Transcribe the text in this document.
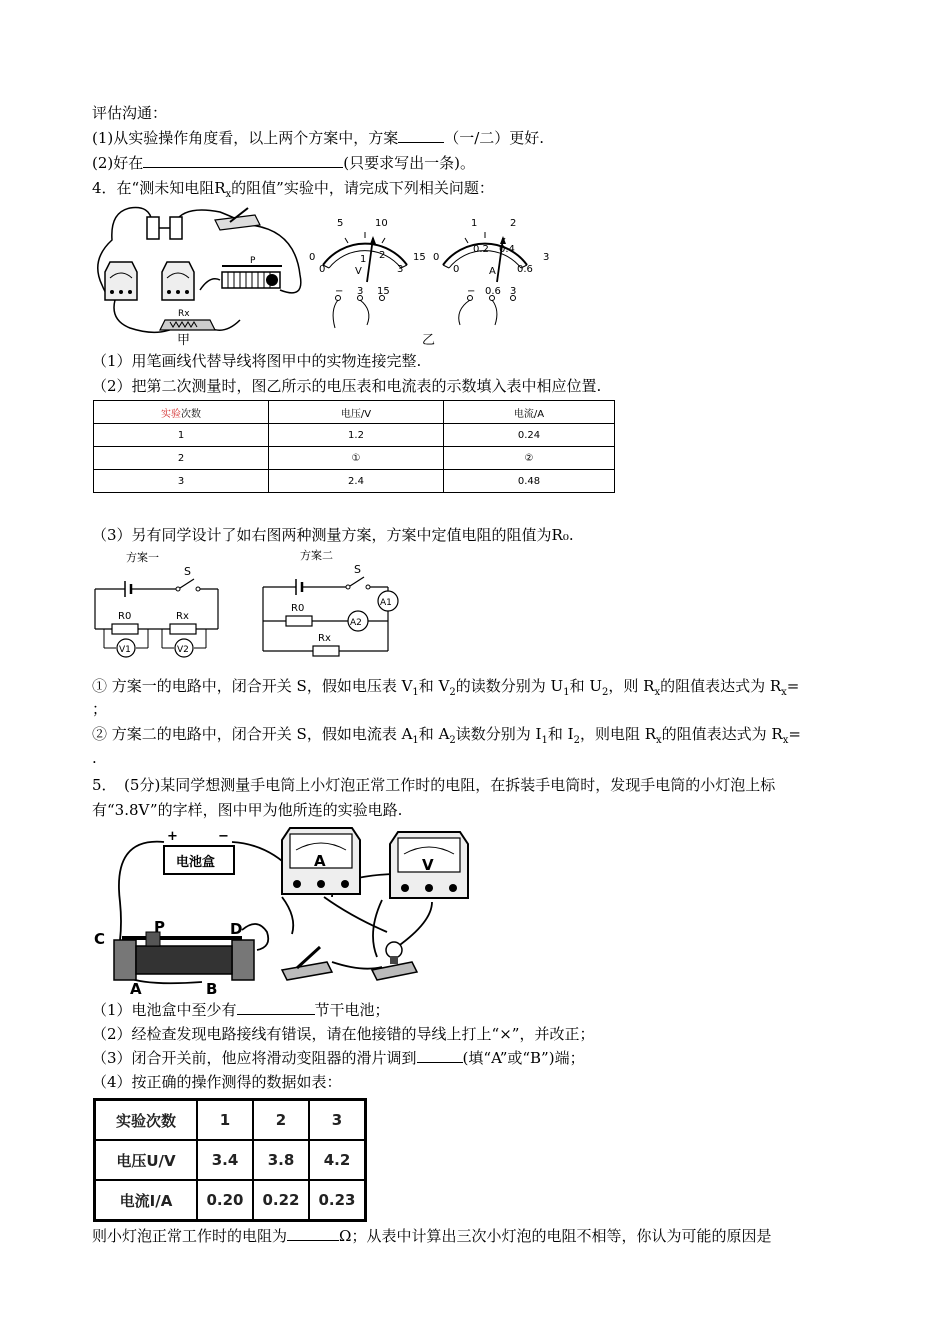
评估沟通：
(1)从实验操作角度看，以上两个方案中，方案	（一/二）更好.
(2)好在	(只要求写出一条)。
4．在“测未知电阻$R_x$的阻值”实验中，请完成下列相关问题：
P
Rx
甲
5	10
0	15
0
1 2
3
V
− 3 15
1	2
0	3
0
0.2 0.4
0.6
A
− 0.6 3
乙
（1）用笔画线代替导线将图甲中的实物连接完整.
（2）把第二次测量时，图乙所示的电压表和电流表的示数填入表中相应位置.
实验次数	电压/V	电流/A
1	1.2	0.24
2	①	②
3	2.4	0.48
（3）另有同学设计了如右图两种测量方案，方案中定值电阻的阻值为R₀.
方案一
S
R0	Rx
V1	V2
方案二
S
A1
A2
R0
Rx
① 方案一的电路中，闭合开关 S，假如电压表 $V_1$和 $V_2$的读数分别为 $U_1$和 $U_2$，则 $R_x$的阻值表达式为 $R_x=$
；
② 方案二的电路中，闭合开关 S，假如电流表 $A_1$和 $A_2$读数分别为 $I_1$和 $I_2$，则电阻 $R_x$的阻值表达式为 $R_x=$
.
5．　(5分)某同学想测量手电筒上小灯泡正常工作时的电阻，在拆装手电筒时，发现手电筒的小灯泡上标
有“3.8V”的字样，图中甲为他所连的实验电路.
电池盒
+	−
A	V
C
P	D
A	B
（1）电池盒中至少有	节干电池；
（2）经检查发现电路接线有错误，请在他接错的导线上打上“×”，并改正；
（3）闭合开关前，他应将滑动变阻器的滑片调到	(填“A”或“B”)端；
（4）按正确的操作测得的数据如表：
实验次数	1	2	3
电压U/V	3.4	3.8	4.2
电流I/A	0.20	0.22	0.23
则小灯泡正常工作时的电阻为	Ω；从表中计算出三次小灯泡的电阻不相等，你认为可能的原因是
